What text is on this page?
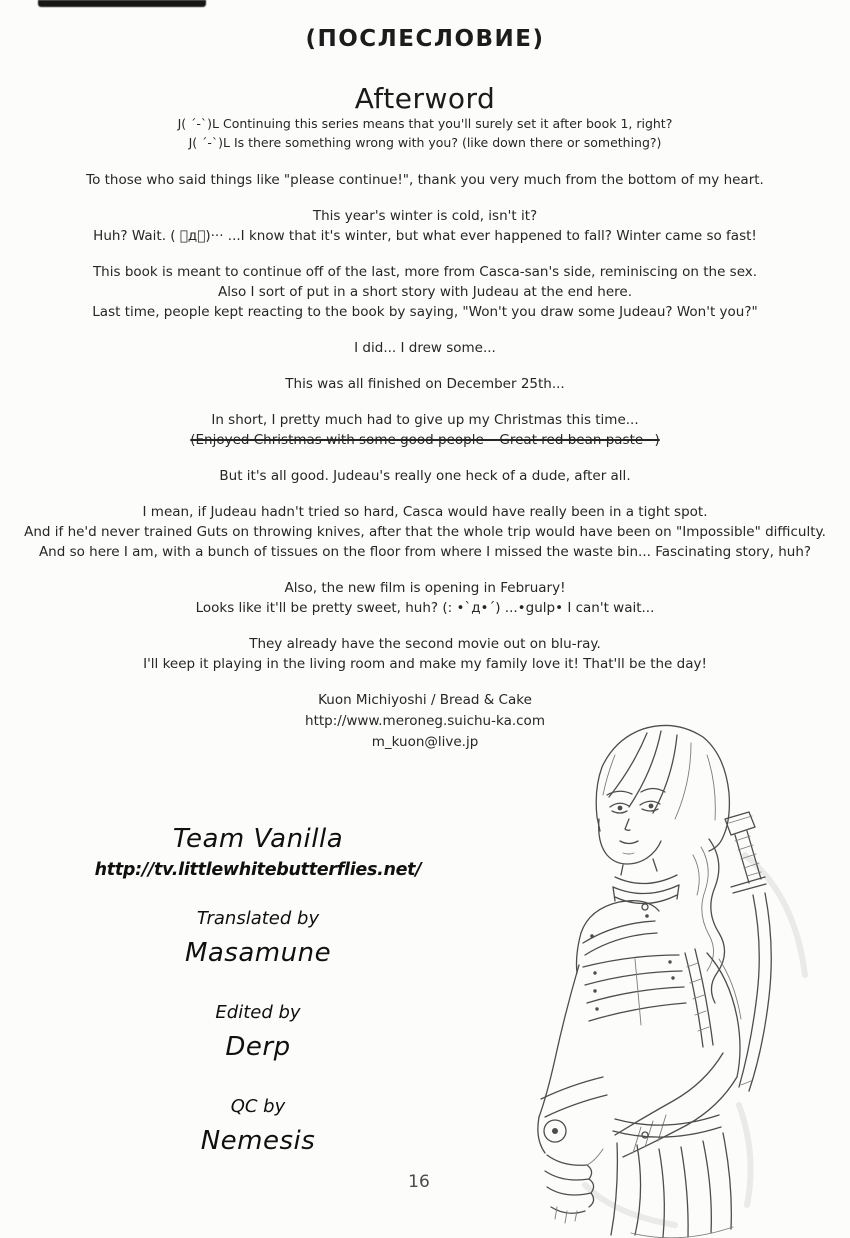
(ПОСЛЕСЛОВИЕ)
Afterword
J( ´-`)L Continuing this series means that you'll surely set it after book 1, right?
J( ´-`)L Is there something wrong with you? (like down there or something?)

To those who said things like "please continue!", thank you very much from the bottom of my heart.

This year's winter is cold, isn't it?
Huh? Wait. ( ゚д゚)··· ...I know that it's winter, but what ever happened to fall? Winter came so fast!

This book is meant to continue off of the last, more from Casca-san's side, reminiscing on the sex.
Also I sort of put in a short story with Judeau at the end here.
Last time, people kept reacting to the book by saying, "Won't you draw some Judeau? Won't you?"

I did... I drew some...

This was all finished on December 25th...

In short, I pretty much had to give up my Christmas this time...
(Enjoyed Christmas with some good people~ Great red bean paste~)

But it's all good. Judeau's really one heck of a dude, after all.

I mean, if Judeau hadn't tried so hard, Casca would have really been in a tight spot.
And if he'd never trained Guts on throwing knives, after that the whole trip would have been on "Impossible" difficulty.
And so here I am, with a bunch of tissues on the floor from where I missed the waste bin... Fascinating story, huh?

Also, the new film is opening in February!
Looks like it'll be pretty sweet, huh? (: •`д•´) ...•gulp• I can't wait...

They already have the second movie out on blu-ray.
I'll keep it playing in the living room and make my family love it! That'll be the day!

Kuon Michiyoshi / Bread & Cake
http://www.meroneg.suichu-ka.com
m_kuon@live.jp

Team Vanilla
http://tv.littlewhitebutterflies.net/
Translated by
Masamune
Edited by
Derp
QC by
Nemesis
16
